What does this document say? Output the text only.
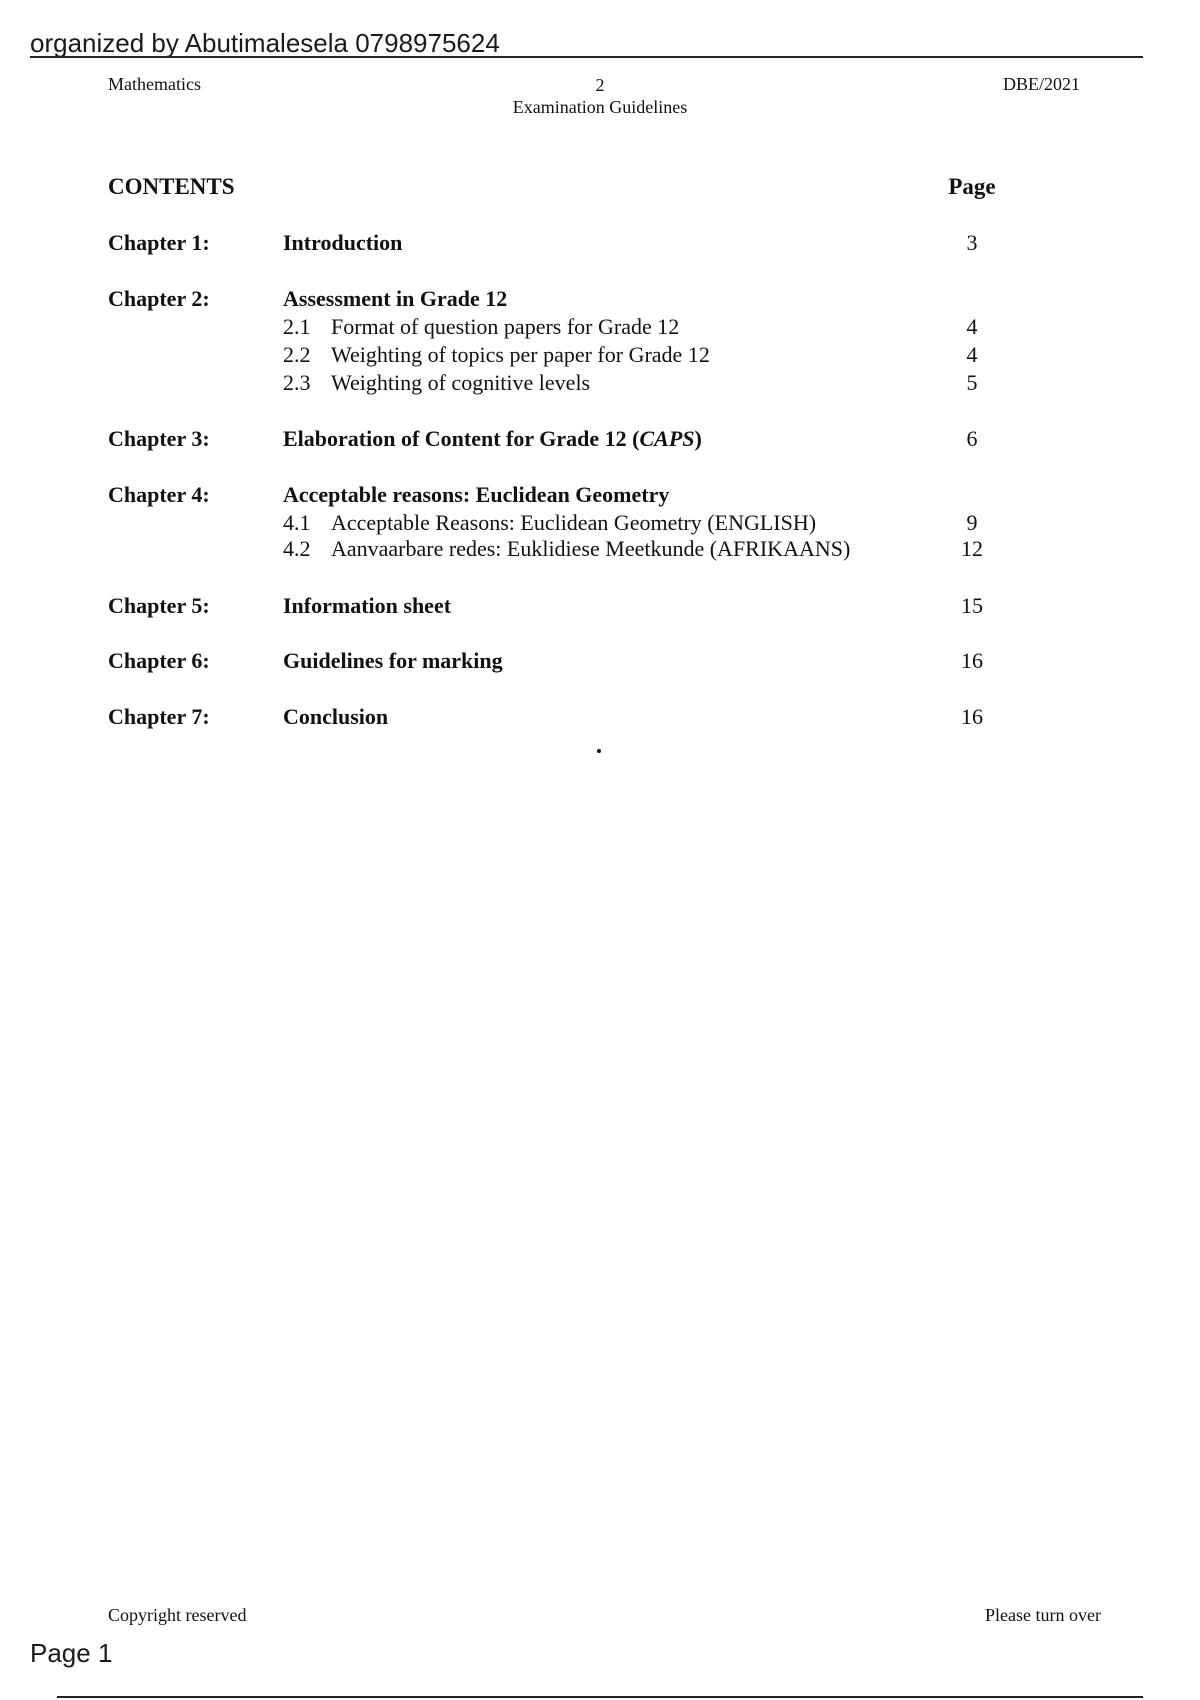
organized by Abutimalesela 0798975624
Mathematics	2
Examination Guidelines
DBE/2021
CONTENTS	Page
Chapter 1:	Introduction	3
Chapter 2:	Assessment in Grade 12
2.1 Format of question papers for Grade 12	4
2.2 Weighting of topics per paper for Grade 12	4
2.3 Weighting of cognitive levels	5
Chapter 3:	Elaboration of Content for Grade 12 (CAPS)	6
Chapter 4:	Acceptable reasons: Euclidean Geometry
4.1 Acceptable Reasons: Euclidean Geometry (ENGLISH)	9
4.2 Aanvaarbare redes: Euklidiese Meetkunde (AFRIKAANS)	12
Chapter 5:	Information sheet	15
Chapter 6:	Guidelines for marking	16
Chapter 7:	Conclusion	16
Copyright reserved	Please turn over
Page 1
